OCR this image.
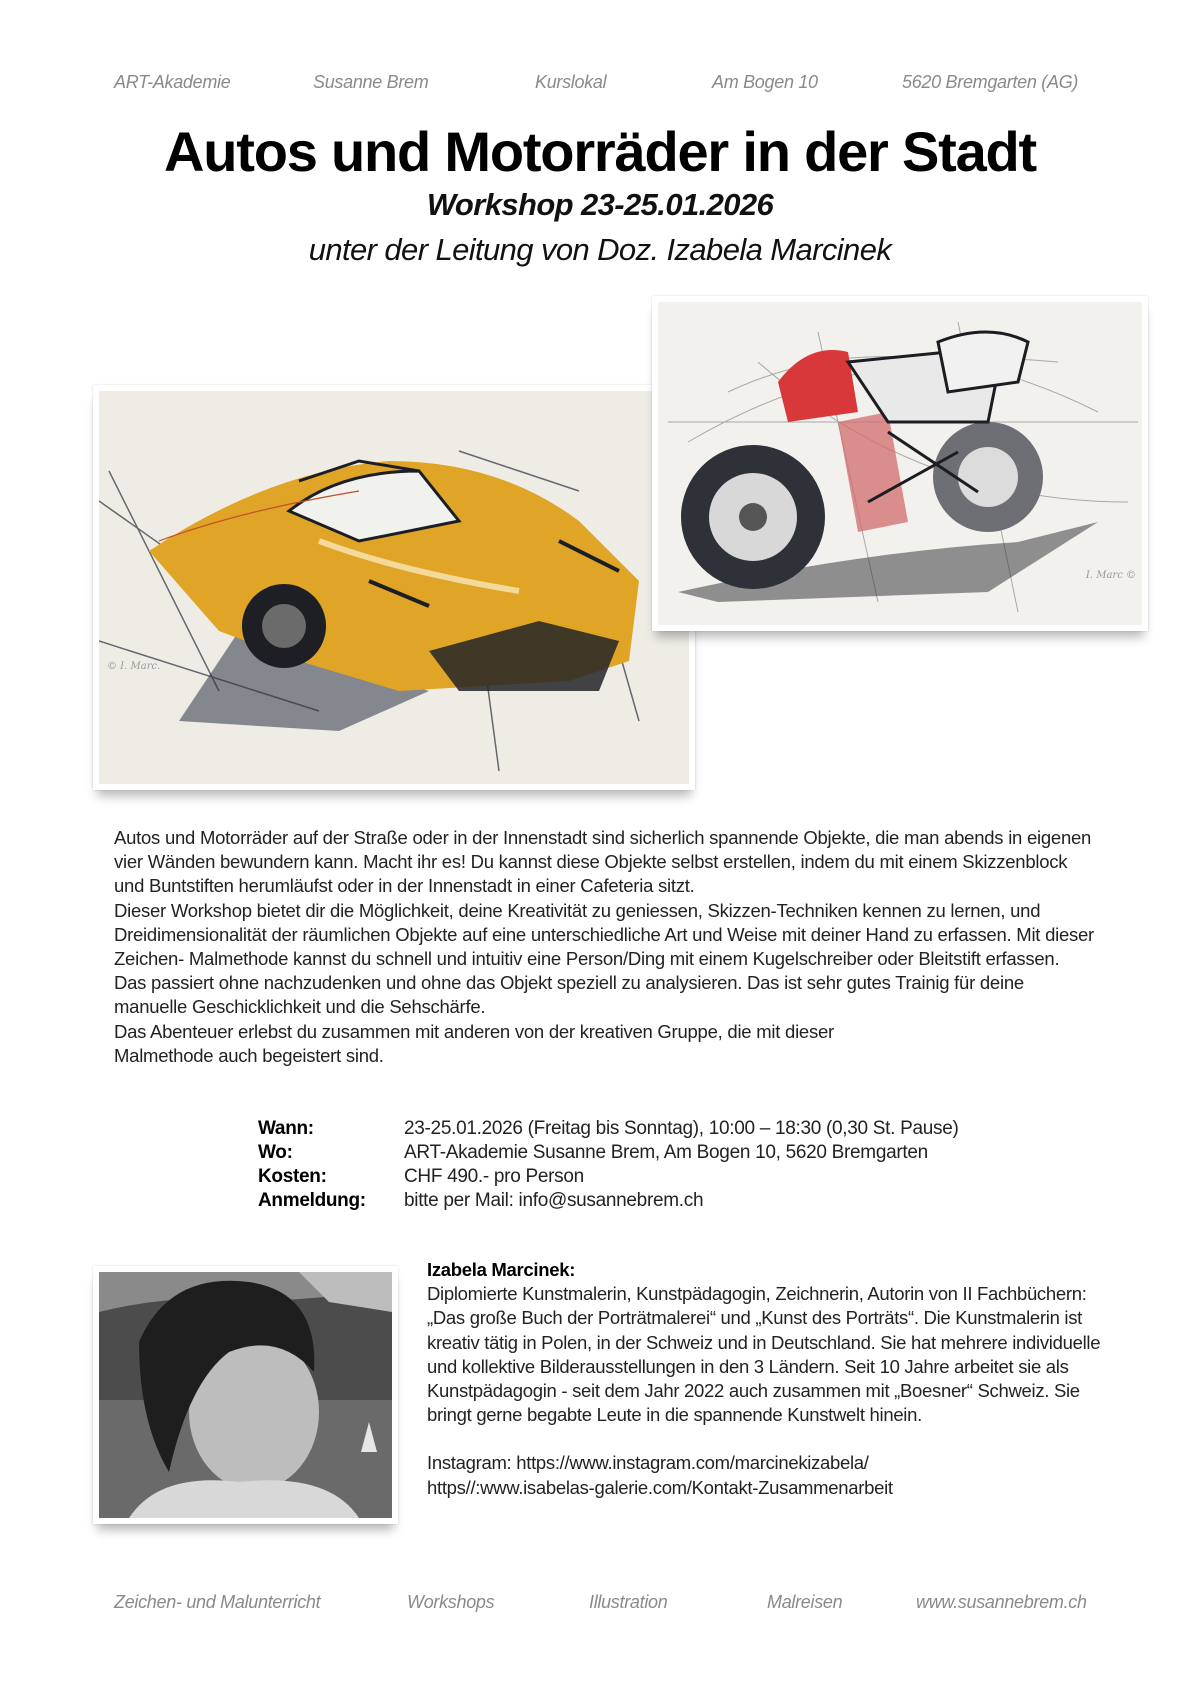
ART-Akademie	Susanne Brem	Kurslokal	Am Bogen 10	5620 Bremgarten (AG)
Autos und Motorräder in der Stadt
Workshop 23-25.01.2026
unter der Leitung von Doz. Izabela Marcinek
© I. Marc.
I. Marc ©

Autos und Motorräder auf der Straße oder in der Innenstadt sind sicherlich spannende Objekte, die man abends in eigenen vier Wänden bewundern kann. Macht ihr es! Du kannst diese Objekte selbst erstellen, indem du mit einem Skizzenblock und Buntstiften herumläufst oder in der Innenstadt in einer Cafeteria sitzt.

Dieser Workshop bietet dir die Möglichkeit, deine Kreativität zu geniessen, Skizzen-Techniken kennen zu lernen, und Dreidimensionalität der räumlichen Objekte auf eine unterschiedliche Art und Weise mit deiner Hand zu erfassen. Mit dieser Zeichen- Malmethode kannst du schnell und intuitiv eine Person/Ding mit einem Kugelschreiber oder Bleitstift erfassen. Das passiert ohne nachzudenken und ohne das Objekt speziell zu analysieren. Das ist sehr gutes Trainig für deine manuelle Geschicklichkeit und die Sehschärfe.

Das Abenteuer erlebst du zusammen mit anderen von der kreativen Gruppe, die mit dieser Malmethode auch begeistert sind.

Wann:	23-25.01.2026 (Freitag bis Sonntag), 10:00 – 18:30 (0,30 St. Pause)
Wo:	ART-Akademie Susanne Brem, Am Bogen 10, 5620 Bremgarten
Kosten:	CHF 490.- pro Person
Anmeldung:	bitte per Mail: info@susannebrem.ch

Izabela Marcinek:

Diplomierte Kunstmalerin, Kunstpädagogin, Zeichnerin, Autorin von II Fachbüchern: „Das große Buch der Porträtmalerei“ und „Kunst des Porträts“. Die Kunstmalerin ist kreativ tätig in Polen, in der Schweiz und in Deutschland. Sie hat mehrere individuelle und kollektive Bilderausstellungen in den 3 Ländern. Seit 10 Jahre arbeitet sie als Kunstpädagogin - seit dem Jahr 2022 auch zusammen mit „Boesner“ Schweiz. Sie bringt gerne begabte Leute in die spannende Kunstwelt hinein.

Instagram: https://www.instagram.com/marcinekizabela/

https//:www.isabelas-galerie.com/Kontakt-Zusammenarbeit

Zeichen- und Malunterricht	Workshops	Illustration	Malreisen	www.susannebrem.ch
